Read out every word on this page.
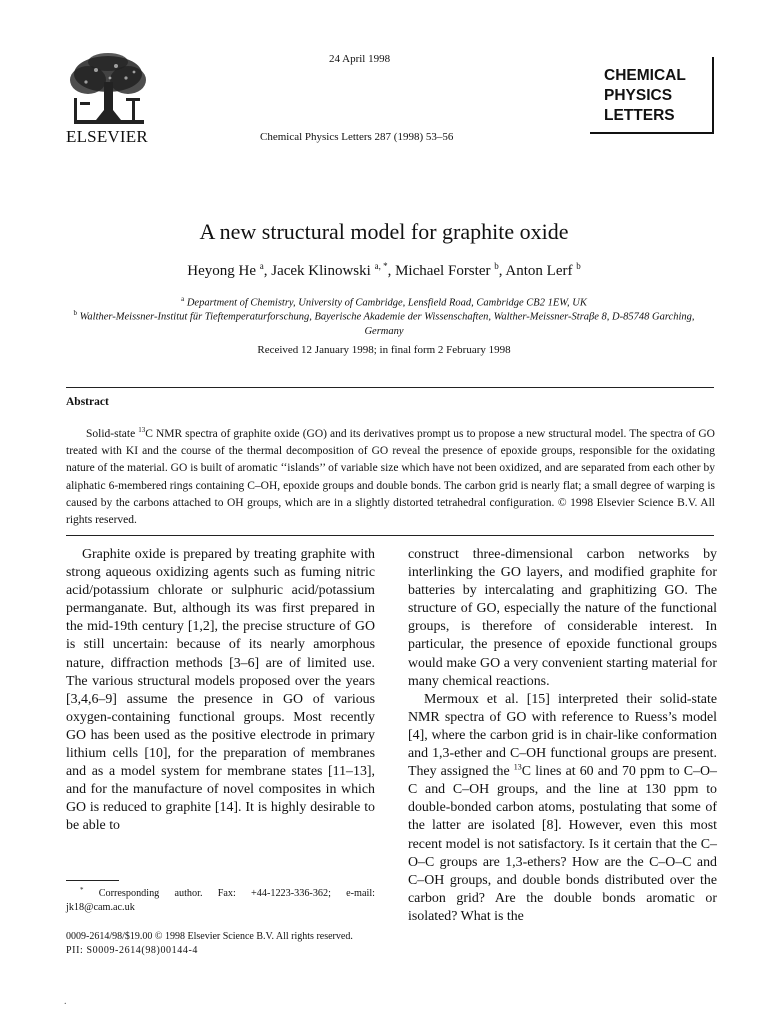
ELSEVIER
24 April 1998
Chemical Physics Letters 287 (1998) 53–56
CHEMICAL
PHYSICS
LETTERS
A new structural model for graphite oxide
Heyong He $^a$, Jacek Klinowski $^{a, *}$, Michael Forster $^b$, Anton Lerf $^b$
$^a$ Department of Chemistry, University of Cambridge, Lensfield Road, Cambridge CB2 1EW, UK
$^b$ Walther-Meissner-Institut für Tieftemperaturforschung, Bayerische Akademie der Wissenschaften, Walther-Meissner-Straβe 8, D-85748 Garching, Germany
Received 12 January 1998; in final form 2 February 1998
Abstract
Solid-state $^{13}$C NMR spectra of graphite oxide (GO) and its derivatives prompt us to propose a new structural model. The spectra of GO treated with KI and the course of the thermal decomposition of GO reveal the presence of epoxide groups, responsible for the oxidating nature of the material. GO is built of aromatic ‘‘islands’’ of variable size which have not been oxidized, and are separated from each other by aliphatic 6-membered rings containing C–OH, epoxide groups and double bonds. The carbon grid is nearly flat; a small degree of warping is caused by the carbons attached to OH groups, which are in a slightly distorted tetrahedral configuration. © 1998 Elsevier Science B.V. All rights reserved.

Graphite oxide is prepared by treating graphite with strong aqueous oxidizing agents such as fuming nitric acid/potassium chlorate or sulphuric acid/potassium permanganate. But, although its was first prepared in the mid-19th century [1,2], the precise structure of GO is still uncertain: because of its nearly amorphous nature, diffraction methods [3–6] are of limited use. The various structural models proposed over the years [3,4,6–9] assume the presence in GO of various oxygen-containing functional groups. Most recently GO has been used as the positive electrode in primary lithium cells [10], for the preparation of membranes and as a model system for membrane states [11–13], and for the manufacture of novel composites in which GO is reduced to graphite [14]. It is highly desirable to be able to

construct three-dimensional carbon networks by interlinking the GO layers, and modified graphite for batteries by intercalating and graphitizing GO. The structure of GO, especially the nature of the functional groups, is therefore of considerable interest. In particular, the presence of epoxide functional groups would make GO a very convenient starting material for many chemical reactions.

Mermoux et al. [15] interpreted their solid-state NMR spectra of GO with reference to Ruess’s model [4], where the carbon grid is in chair-like conformation and 1,3-ether and C–OH functional groups are present. They assigned the $^{13}$C lines at 60 and 70 ppm to C–O–C and C–OH groups, and the line at 130 ppm to double-bonded carbon atoms, postulating that some of the latter are isolated [8]. However, even this most recent model is not satisfactory. Is it certain that the C–O–C groups are 1,3-ethers? How are the C–O–C and C–OH groups, and double bonds distributed over the carbon grid? Are the double bonds aromatic or isolated? What is the

* Corresponding author. Fax: +44-1223-336-362; e-mail: jk18@cam.ac.uk
0009-2614/98/$19.00 © 1998 Elsevier Science B.V. All rights reserved.
PII: S0009-2614(98)00144-4
.
